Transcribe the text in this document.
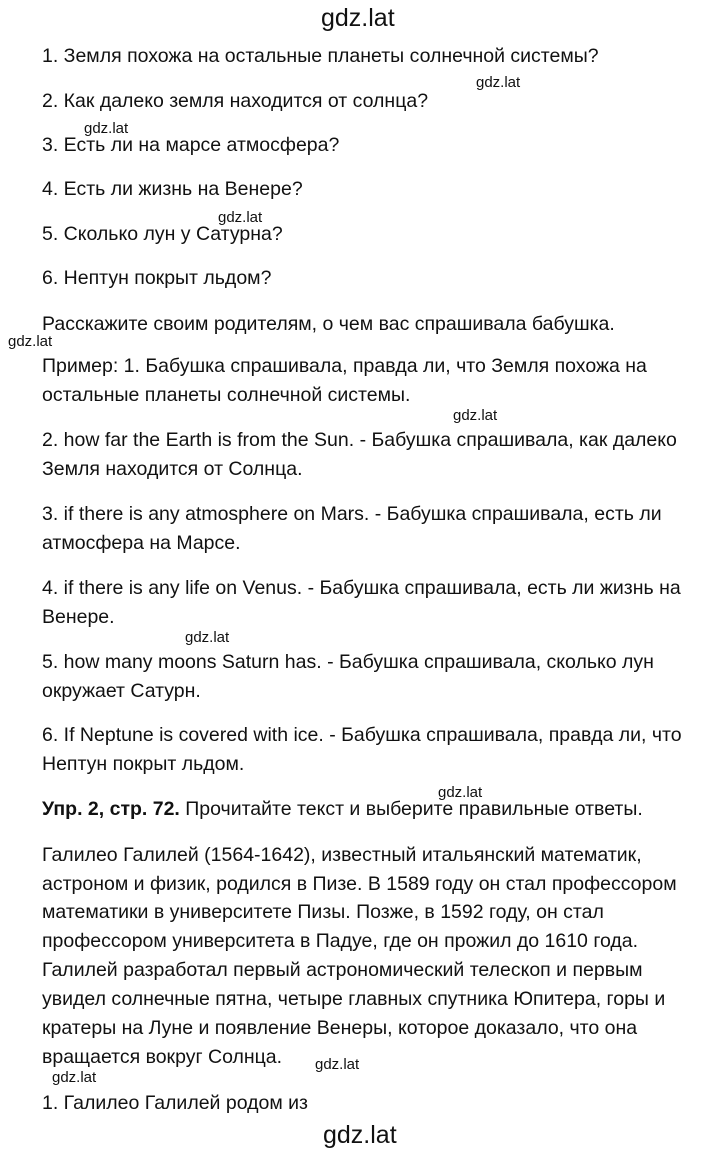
gdz.lat
gdz.lat
gdz.lat
gdz.lat
gdz.lat
gdz.lat
gdz.lat
gdz.lat
gdz.lat
gdz.lat
gdz.lat
1. Земля похожа на остальные планеты солнечной системы?
2. Как далеко земля находится от солнца?
3. Есть ли на марсе атмосфера?
4. Есть ли жизнь на Венере?
5. Сколько лун у Сатурна?
6. Нептун покрыт льдом?
Расскажите своим родителям, о чем вас спрашивала бабушка.
Пример: 1. Бабушка спрашивала, правда ли, что Земля похожа на
остальные планеты солнечной системы.
2. how far the Earth is from the Sun. - Бабушка спрашивала, как далеко
Земля находится от Солнца.
3. if there is any atmosphere on Mars. - Бабушка спрашивала, есть ли
атмосфера на Марсе.
4. if there is any life on Venus. - Бабушка спрашивала, есть ли жизнь на
Венере.
5. how many moons Saturn has. - Бабушка спрашивала, сколько лун
окружает Сатурн.
6. If Neptune is covered with ice. - Бабушка спрашивала, правда ли, что
Нептун покрыт льдом.
Упр. 2, стр. 72. Прочитайте текст и выберите правильные ответы.
Галилео Галилей (1564-1642), известный итальянский математик,
астроном и физик, родился в Пизе. В 1589 году он стал профессором
математики в университете Пизы. Позже, в 1592 году, он стал
профессором университета в Падуе, где он прожил до 1610 года.
Галилей разработал первый астрономический телескоп и первым
увидел солнечные пятна, четыре главных спутника Юпитера, горы и
кратеры на Луне и появление Венеры, которое доказало, что она
вращается вокруг Солнца.
1. Галилео Галилей родом из
